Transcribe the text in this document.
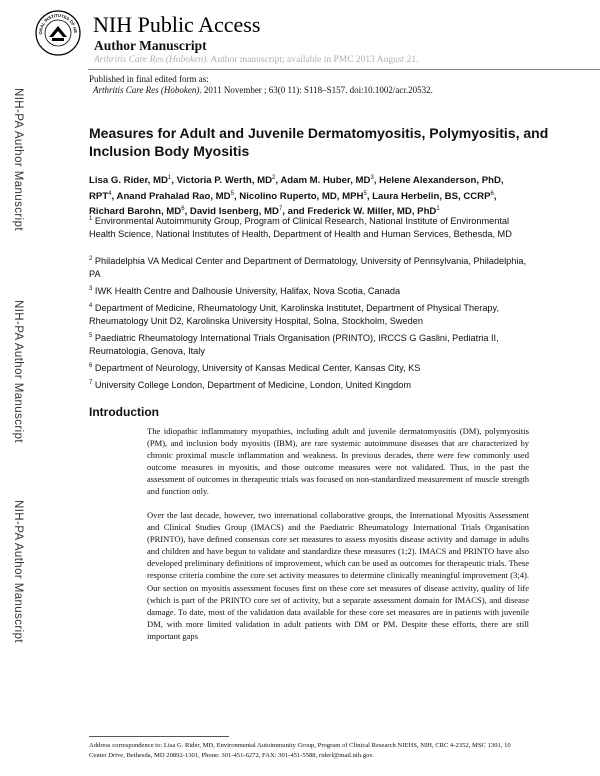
ONAL INSTITUTES OF HE NIH Public Access
Author Manuscript
Arthritis Care Res (Hoboken). Author manuscript; available in PMC 2013 August 21.
Published in final edited form as:
Arthritis Care Res (Hoboken). 2011 November ; 63(0 11): S118–S157. doi:10.1002/acr.20532.
NIH-PA Author Manuscript
NIH-PA Author Manuscript
NIH-PA Author Manuscript
Measures for Adult and Juvenile Dermatomyositis, Polymyositis, and Inclusion Body Myositis
Lisa G. Rider, $MD^1$, Victoria P. Werth, $MD^2$, Adam M. Huber, $MD^3$, Helene Alexanderson, PhD, RPT$^4$, Anand Prahalad Rao, $MD^5$, Nicolino Ruperto, MD, MPH$^5$, Laura Herbelin, BS, CCRP$^6$, Richard Barohn, $MD^6$, David Isenberg, $MD^7$, and Frederick W. Miller, MD, PhD$^1$
$^1$ Environmental Autoimmunity Group, Program of Clinical Research, National Institute of Environmental Health Science, National Institutes of Health, Department of Health and Human Services, Bethesda, MD
$^2$ Philadelphia VA Medical Center and Department of Dermatology, University of Pennsylvania, Philadelphia, PA
$^3$ IWK Health Centre and Dalhousie University, Halifax, Nova Scotia, Canada
$^4$ Department of Medicine, Rheumatology Unit, Karolinska Institutet, Department of Physical Therapy, Rheumatology Unit D2, Karolinska University Hospital, Solna, Stockholm, Sweden
$^5$ Paediatric Rheumatology International Trials Organisation (PRINTO), IRCCS G Gaslini, Pediatria II, Reumatologia, Genova, Italy
$^6$ Department of Neurology, University of Kansas Medical Center, Kansas City, KS
$^7$ University College London, Department of Medicine, London, United Kingdom
Introduction
The idiopathic inflammatory myopathies, including adult and juvenile dermatomyositis (DM), polymyositis (PM), and inclusion body myositis (IBM), are rare systemic autoimmune diseases that are characterized by chronic proximal muscle inflammation and weakness. In previous decades, there were few commonly used outcome measures in myositis, and those outcome measures were not validated. Thus, in the past the assessment of outcomes in therapeutic trials was focused on non-standardized measurement of muscle strength and function only.
Over the last decade, however, two international collaborative groups, the International Myositis Assessment and Clinical Studies Group (IMACS) and the Paediatric Rheumatology International Trials Organisation (PRINTO), have defined consensus core set measures to assess myositis disease activity and damage in adults and children and have begun to validate and standardize these measures (1;2). IMACS and PRINTO have also developed preliminary definitions of improvement, which can be used as outcomes for therapeutic trials. These response criteria combine the core set activity measures to determine clinically meaningful improvement (3;4). Our section on myositis assessment focuses first on these core set measures of disease activity, quality of life (which is part of the PRINTO core set of activity, but a separate assessment domain for IMACS), and disease damage. To date, most of the validation data available for these core set measures are in patients with juvenile DM, with more limited validation in adult patients with DM or PM. Despite these efforts, there are still important gaps
Address correspondence to: Lisa G. Rider, MD, Environmental Autoimmunity Group, Program of Clinical Research NIEHS, NIH, CRC 4-2352, MSC 1301, 10 Center Drive, Bethesda, MD 20892-1301, Phone: 301-451-6272, FAX: 301-451-5588, riderl@mail.nih.gov.
